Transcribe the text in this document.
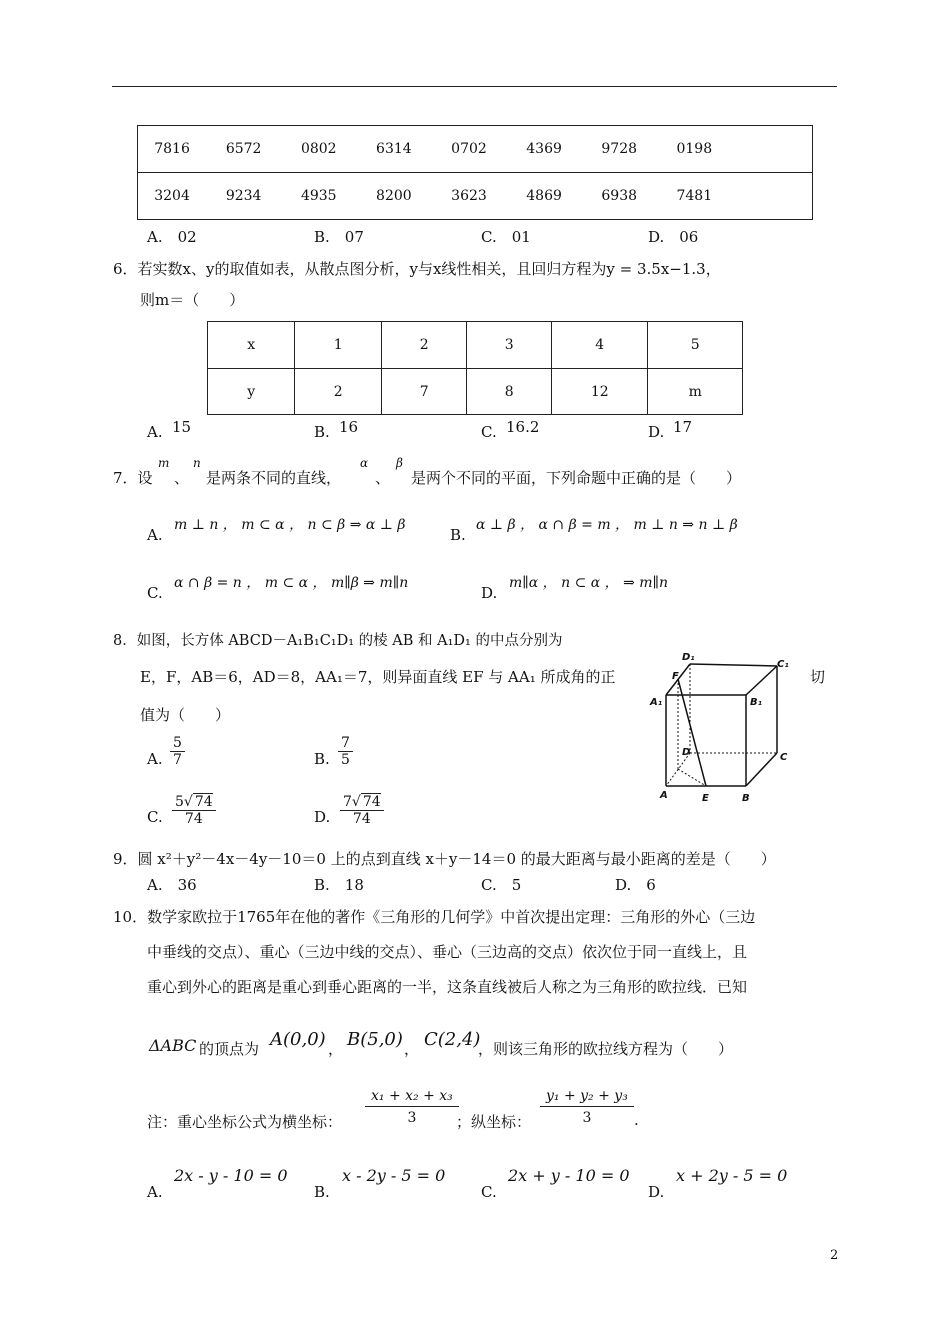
7816	6572	0802	6314	0702	4369	9728	0198	
3204	9234	4935	8200	3623	4869	6938	7481	
A.　02	B.　07	C.　01	D.　06
6．若实数x、y的取值如表，从散点图分析，y与x线性相关，且回归方程为y = 3.5x−1.3，
则m＝（　　）
x	1	2	3	4	5
y	2	7	8	12	m
A. 15	B. 16	C. 16.2	D. 17
7．设
m
、
n
是两条不同的直线，
α
、
β
是两个不同的平面，下列命题中正确的是（　　）
A.
m ⊥ n ， m ⊂ α ， n ⊂ β ⇒ α ⊥ β
B.
α ⊥ β ， α ∩ β = m ， m ⊥ n ⇒ n ⊥ β
C.
α ∩ β = n ， m ⊂ α ， m∥β ⇒ m∥n
D.
m∥α ， n ⊂ α ， ⇒ m∥n
8．如图，长方体 ABCD－A₁B₁C₁D₁ 的棱 AB 和 A₁D₁ 的中点分别为
E，F，AB＝6，AD＝8，AA₁＝7，则异面直线 EF 与 AA₁ 所成角的正	切
值为（　　）
A. $\frac{5}{7}$	B. $\frac{7}{5}$
C. $\frac{5√ 74}{74}$	D. $\frac{7√ 74}{74}$
D₁
C₁
F
A₁	B₁
D	C
A	E	B
9．圆 x²＋y²－4x－4y－10＝0 上的点到直线 x＋y－14＝0 的最大距离与最小距离的差是（　　）
A.　36	B.　18	C.　5	D.　6
10．数学家欧拉于1765年在他的著作《三角形的几何学》中首次提出定理：三角形的外心（三边
中垂线的交点）、重心（三边中线的交点）、垂心（三边高的交点）依次位于同一直线上，且
重心到外心的距离是重心到垂心距离的一半，这条直线被后人称之为三角形的欧拉线．已知
ΔABC 的顶点为 A(0,0) ， B(5,0) ， C(2,4)
，则该三角形的欧拉线方程为（　　）
注：重心坐标公式为横坐标： $\frac{\text{x₁ + x₂ + x₃}}{3}$
；纵坐标： $\frac{\text{y₁ + y₂ + y₃}}{3}$ .
A.
2x - y - 10 = 0
B.
x - 2y - 5 = 0
C.
2x + y - 10 = 0
D.
x + 2y - 5 = 0
2
